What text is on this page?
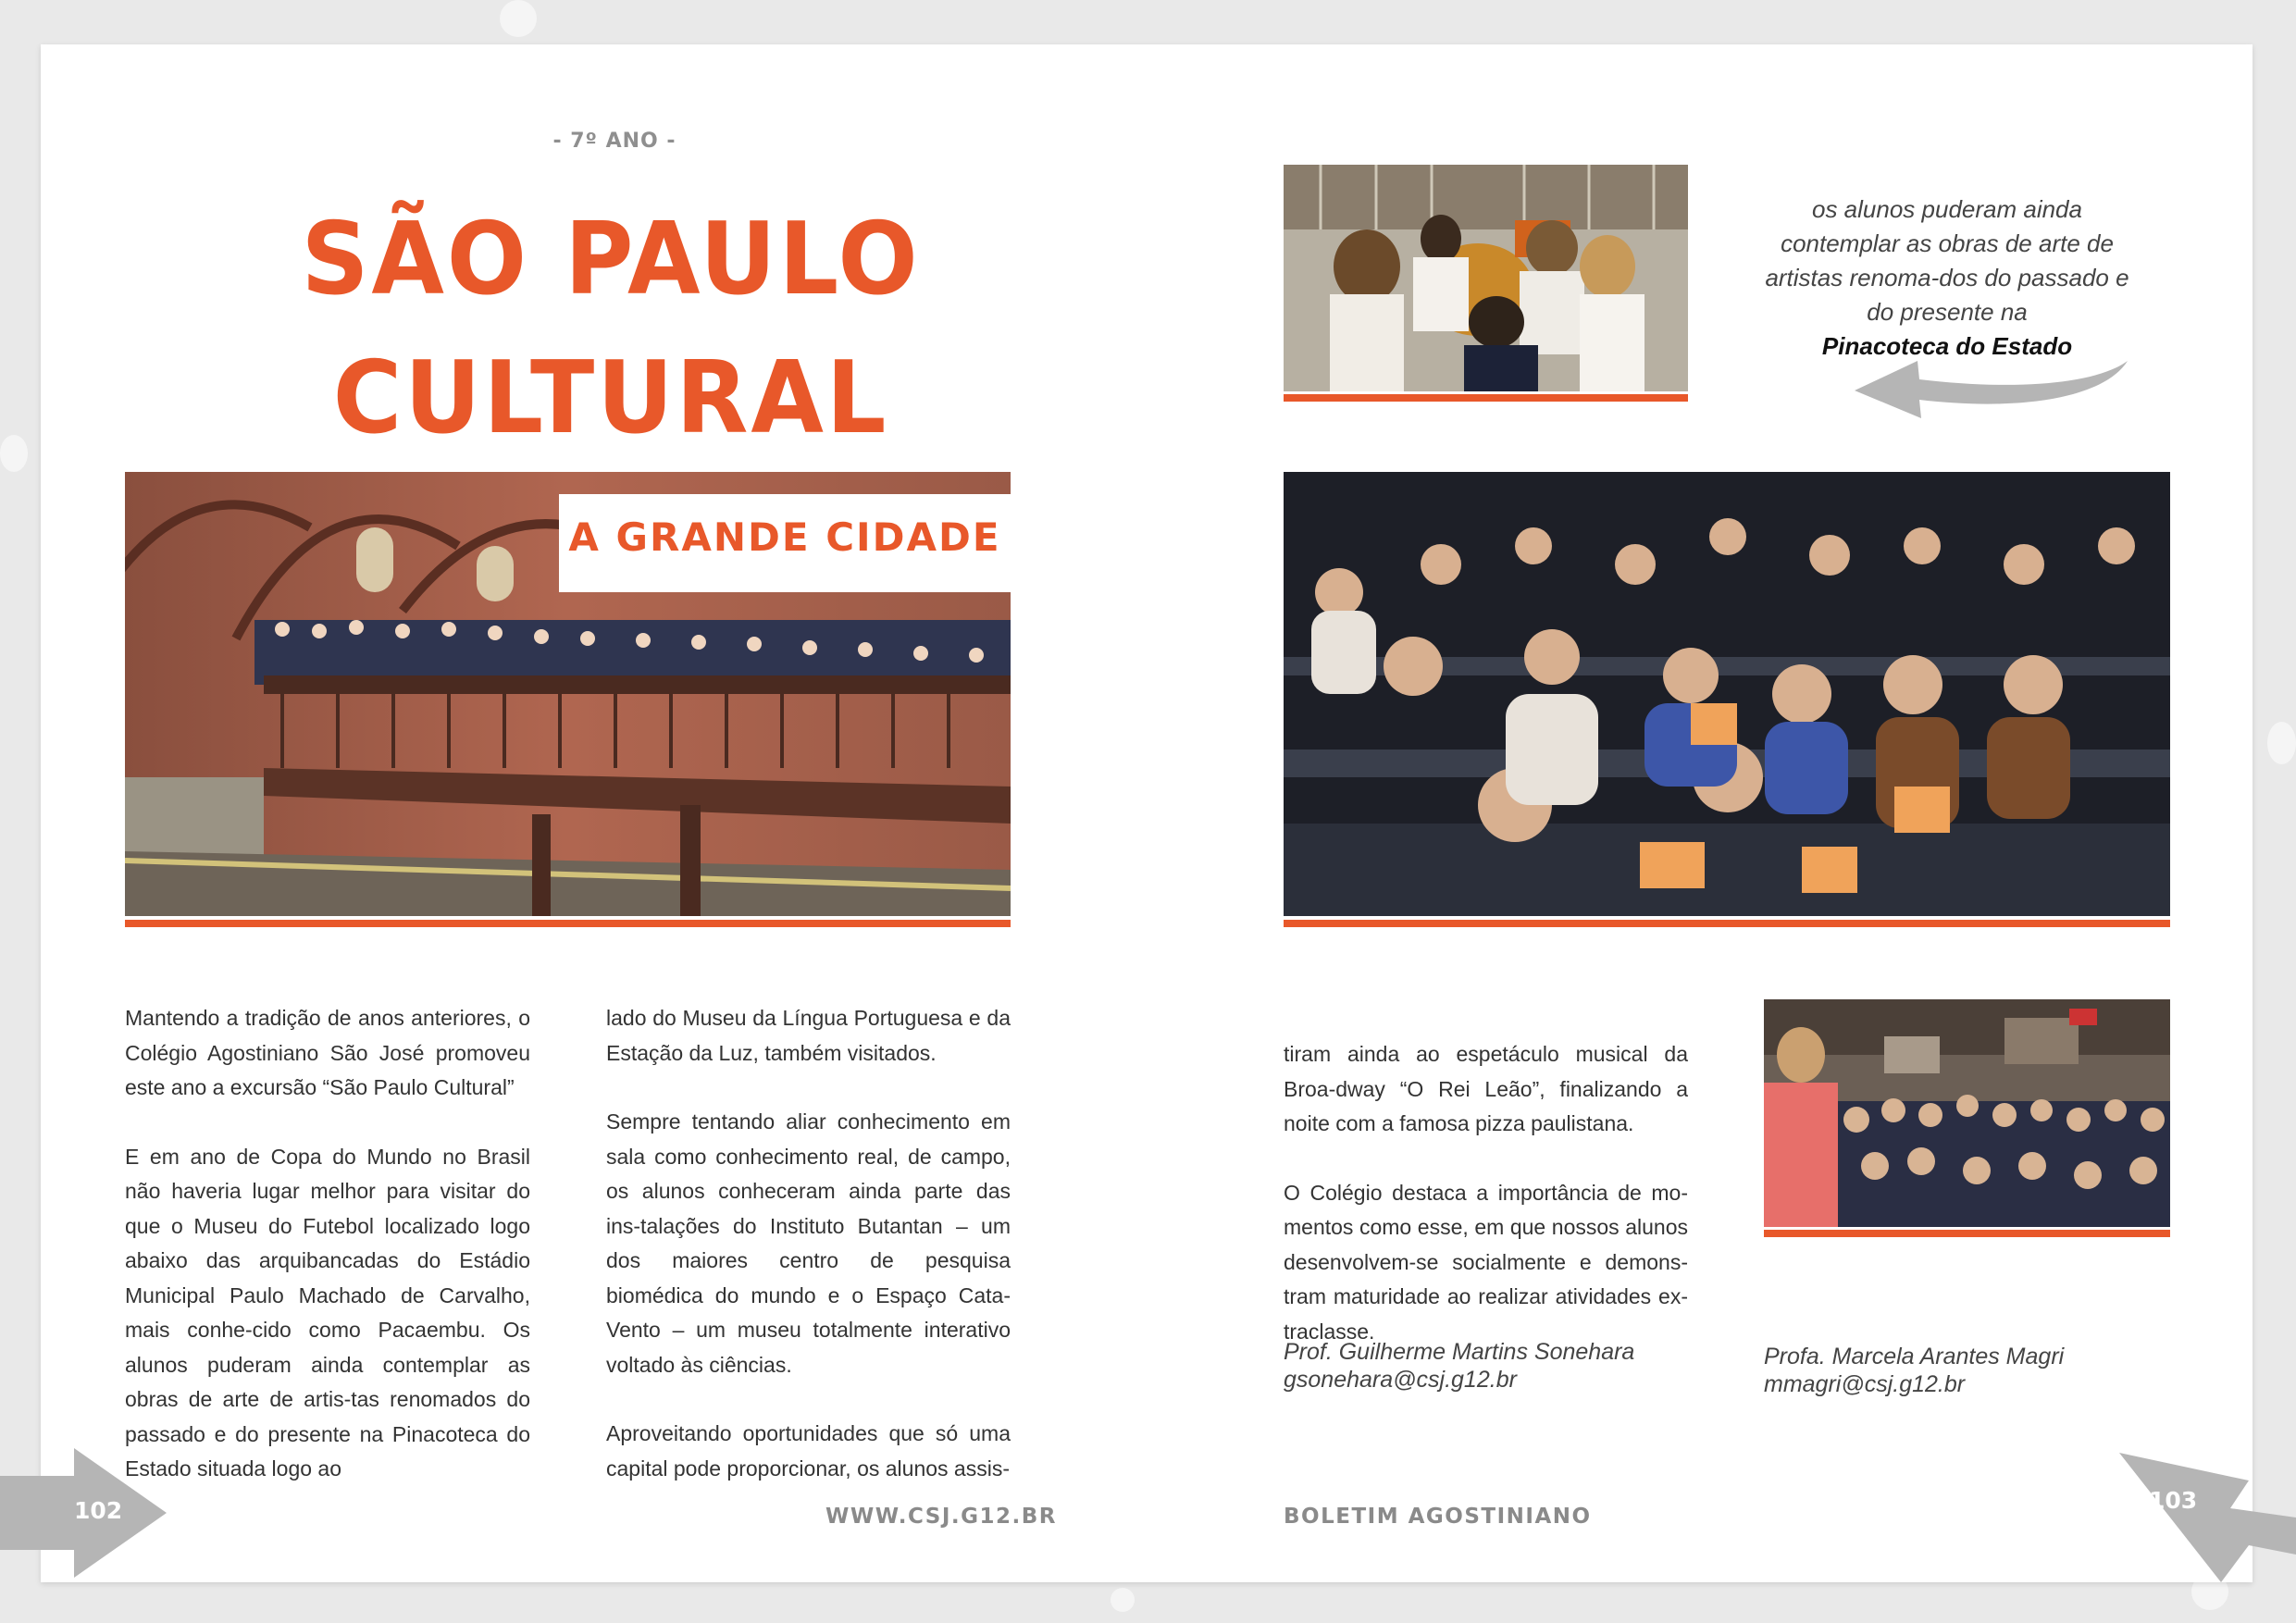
- 7º ANO -
SÃO PAULO
CULTURAL
A GRANDE CIDADE

Mantendo a tradição de anos anteriores, o Colégio Agostiniano São José promoveu este ano a excursão “São Paulo Cultural”

E em ano de Copa do Mundo no Brasil não haveria lugar melhor para visitar do que o Museu do Futebol localizado logo abaixo das arquibancadas do Estádio Municipal Paulo Machado de Carvalho, mais conhe-cido como Pacaembu. Os alunos puderam ainda contemplar as obras de arte de artis-tas renomados do passado e do presente na Pinacoteca do Estado situada logo ao

lado do Museu da Língua Portuguesa e da Estação da Luz, também visitados.

Sempre tentando aliar conhecimento em sala como conhecimento real, de campo, os alunos conheceram ainda parte das ins-talações do Instituto Butantan – um dos maiores centro de pesquisa biomédica do mundo e o Espaço Cata-Vento – um museu totalmente interativo voltado às ciências.

Aproveitando oportunidades que só uma capital pode proporcionar, os alunos assis-

os alunos puderam ainda contemplar as obras de arte de artistas renoma-dos do passado e do presente na
Pinacoteca do Estado

tiram ainda ao espetáculo musical da Broa-dway “O Rei Leão”, finalizando a noite com a famosa pizza paulistana.

O Colégio destaca a importância de mo-mentos como esse, em que nossos alunos desenvolvem-se socialmente e demons-tram maturidade ao realizar atividades ex-traclasse.

Prof. Guilherme Martins Sonehara
gsonehara@csj.g12.br
Profa. Marcela Arantes Magri
mmagri@csj.g12.br
WWW.CSJ.G12.BR	BOLETIM AGOSTINIANO
102	103
